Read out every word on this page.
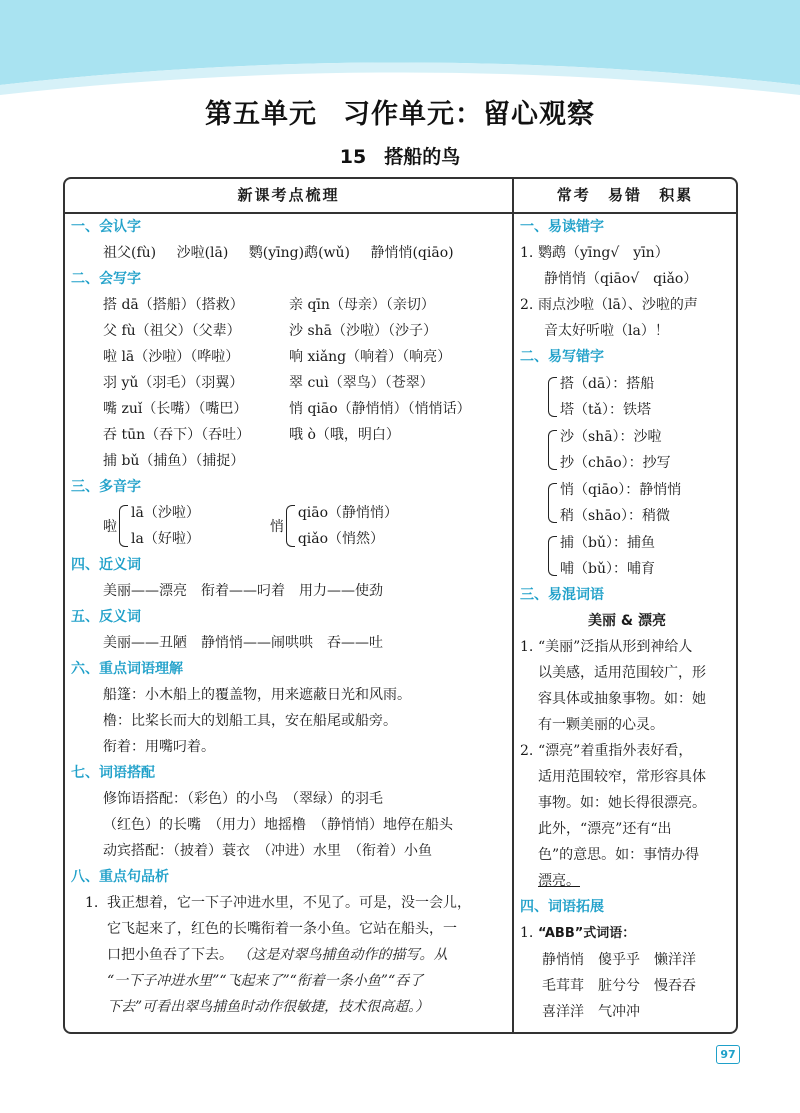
第五单元 习作单元：留心观察
15 搭船的鸟
新课考点梳理	常考 易错 积累
一、会认字
祖父(fù) 沙啦(lā) 鹦(yīng)鹉(wǔ) 静悄悄(qiāo)
二、会写字
搭 dā（搭船）（搭救）	亲 qīn（母亲）（亲切）
父 fù（祖父）（父辈）	沙 shā（沙啦）（沙子）
啦 lā（沙啦）（哗啦）	响 xiǎng（响着）（响亮）
羽 yǔ（羽毛）（羽翼）	翠 cuì（翠鸟）（苍翠）
嘴 zuǐ（长嘴）（嘴巴）	悄 qiāo（静悄悄）（悄悄话）
吞 tūn（吞下）（吞吐）	哦 ò（哦，明白）
捕 bǔ（捕鱼）（捕捉）
三、多音字
啦
lā（沙啦）
la（好啦）
悄
qiāo（静悄悄）
qiǎo（悄然）
四、近义词
美丽——漂亮　衔着——叼着　用力——使劲
五、反义词
美丽——丑陋　静悄悄——闹哄哄　吞——吐
六、重点词语理解
船篷：小木船上的覆盖物，用来遮蔽日光和风雨。
橹：比桨长而大的划船工具，安在船尾或船旁。
衔着：用嘴叼着。
七、词语搭配
修饰语搭配：（彩色）的小鸟　（翠绿）的羽毛
（红色）的长嘴　（用力）地摇橹　（静悄悄）地停在船头
动宾搭配：（披着）蓑衣　（冲进）水里　（衔着）小鱼
八、重点句品析
1. 我正想着，它一下子冲进水里，不见了。可是，没一会儿，
它飞起来了，红色的长嘴衔着一条小鱼。它站在船头，一
口把小鱼吞了下去。 （这是对翠鸟捕鱼动作的描写。从
“一下子冲进水里”“飞起来了”“衔着一条小鱼”“吞了
下去”可看出翠鸟捕鱼时动作很敏捷，技术很高超。）
一、易读错字
1. 鹦鹉（yīng√　yīn）
静悄悄（qiāo√　qiǎo）
2. 雨点沙啦（lā）、沙啦的声
音太好听啦（la）！
二、易写错字
搭（dā）：搭船
塔（tǎ）：铁塔
沙（shā）：沙啦
抄（chāo）：抄写
悄（qiāo）：静悄悄
稍（shāo）：稍微
捕（bǔ）：捕鱼
哺（bǔ）：哺育
三、易混词语
美丽 & 漂亮
1. “美丽”泛指从形到神给人
以美感，适用范围较广，形
容具体或抽象事物。如：她
有一颗美丽的心灵。
2. “漂亮”着重指外表好看，
适用范围较窄，常形容具体
事物。如：她长得很漂亮。
此外，“漂亮”还有“出
色”的意思。如：事情办得
漂亮。
四、词语拓展
1. “ABB”式词语：
静悄悄　傻乎乎　懒洋洋
毛茸茸　脏兮兮　慢吞吞
喜洋洋　气冲冲
97
